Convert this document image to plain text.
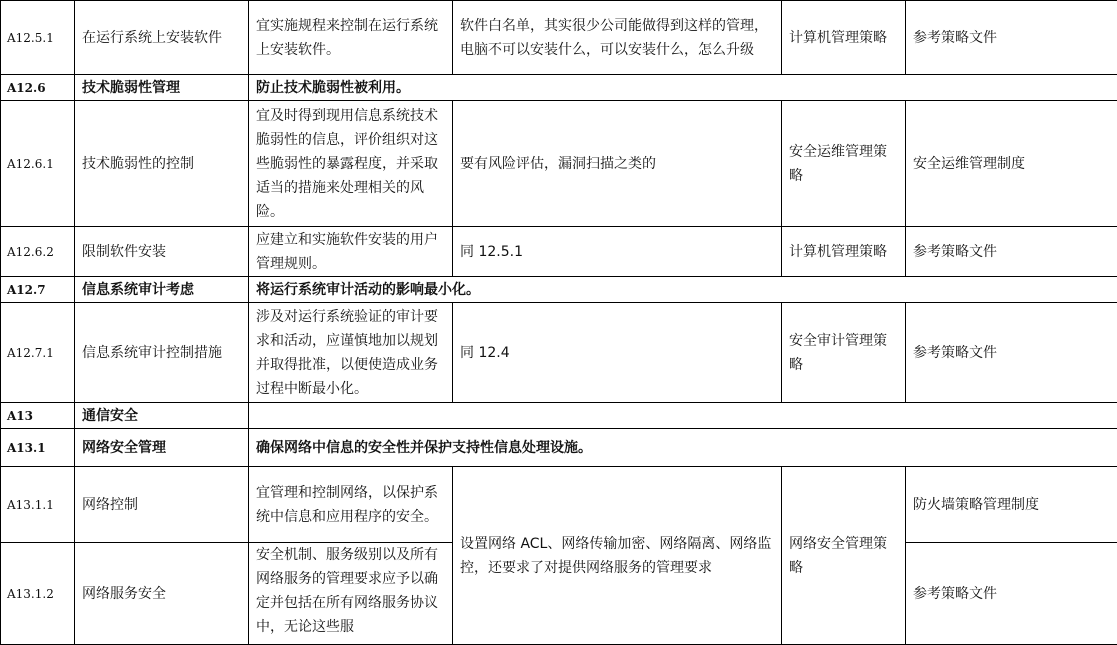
A12.5.1	在运行系统上安装软件	宜实施规程来控制在运行系统上安装软件。	软件白名单，其实很少公司能做得到这样的管理，电脑不可以安装什么，可以安装什么，怎么升级	计算机管理策略	参考策略文件
A12.6	技术脆弱性管理	防止技术脆弱性被利用。			
A12.6.1	技术脆弱性的控制	宜及时得到现用信息系统技术脆弱性的信息，评价组织对这些脆弱性的暴露程度，并采取适当的措施来处理相关的风险。	要有风险评估，漏洞扫描之类的	安全运维管理策略	安全运维管理制度
A12.6.2	限制软件安装	应建立和实施软件安装的用户管理规则。	同 12.5.1	计算机管理策略	参考策略文件
A12.7	信息系统审计考虑	将运行系统审计活动的影响最小化。			
A12.7.1	信息系统审计控制措施	涉及对运行系统验证的审计要求和活动，应谨慎地加以规划并取得批准，以便使造成业务过程中断最小化。	同 12.4	安全审计管理策略	参考策略文件
A13	通信安全				
A13.1	网络安全管理	确保网络中信息的安全性并保护支持性信息处理设施。			
A13.1.1	网络控制	宜管理和控制网络，以保护系统中信息和应用程序的安全。	设置网络 ACL、网络传输加密、网络隔离、网络监控，还要求了对提供网络服务的管理要求	网络安全管理策略	防火墙策略管理制度
A13.1.2	网络服务安全	安全机制、服务级别以及所有网络服务的管理要求应予以确定并包括在所有网络服务协议中，无论这些服			参考策略文件
